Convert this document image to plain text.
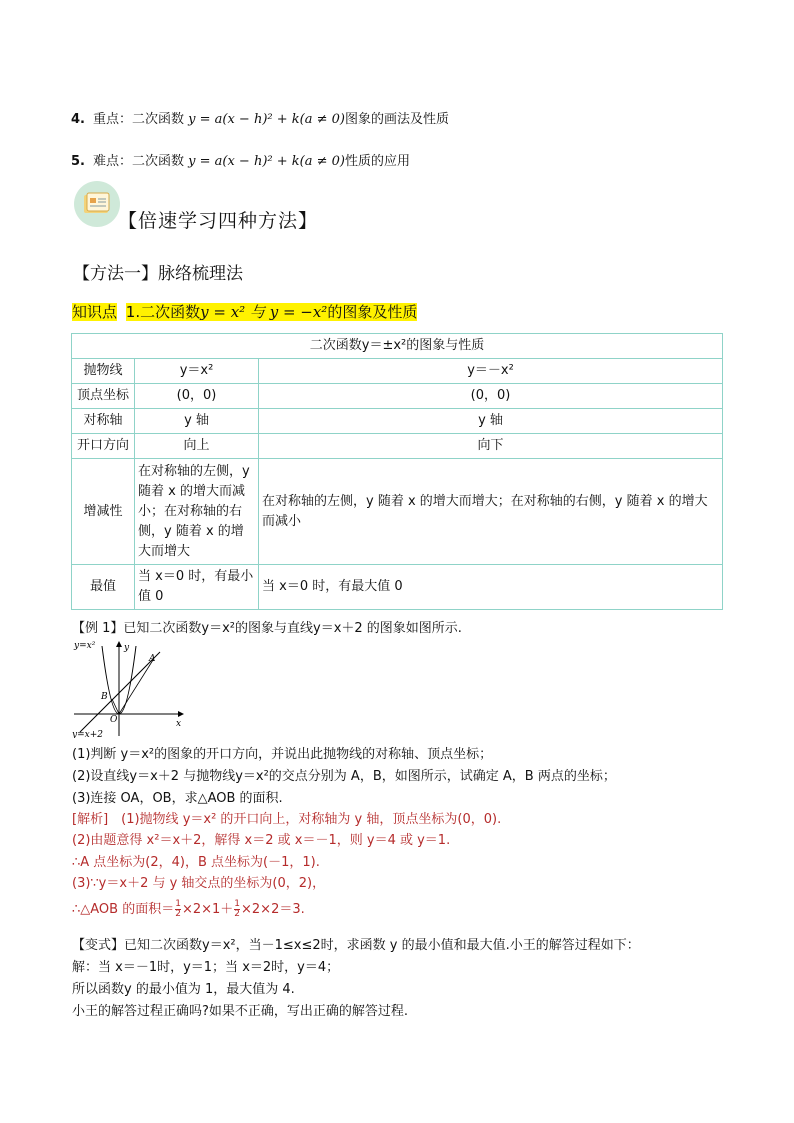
4. 重点：二次函数 y = a(x − h)² + k(a ≠ 0)图象的画法及性质
5. 难点：二次函数 y = a(x − h)² + k(a ≠ 0)性质的应用
【倍速学习四种方法】
【方法一】脉络梳理法
知识点 1.二次函数y = x² 与 y = −x²的图象及性质
二次函数y＝±x²的图象与性质		
抛物线	y＝x²	y＝－x²
顶点坐标	(0，0)	(0，0)
对称轴	y 轴	y 轴
开口方向	向上	向下
增减性	在对称轴的左侧，y随着 x 的增大而减小；在对称轴的右侧，y 随着 x 的增大而增大	在对称轴的左侧，y 随着 x 的增大而增大；在对称轴的右侧，y 随着 x 的增大而减小
最值	当 x＝0 时，有最小值 0	当 x＝0 时，有最大值 0
【例 1】已知二次函数y＝x²的图象与直线y＝x＋2 的图象如图所示.
y=x²	y
A
B
O	x
y=x+2
(1)判断 y＝x²的图象的开口方向，并说出此抛物线的对称轴、顶点坐标；
(2)设直线y＝x＋2 与抛物线y＝x²的交点分别为 A，B，如图所示，试确定 A，B 两点的坐标；
(3)连接 OA，OB，求△AOB 的面积.
[解析]　(1)抛物线 y＝x² 的开口向上，对称轴为 y 轴，顶点坐标为(0，0).
(2)由题意得 x²＝x＋2，解得 x＝2 或 x＝－1，则 y＝4 或 y＝1.
∴A 点坐标为(2，4)，B 点坐标为(－1，1).
(3)∵y＝x＋2 与 y 轴交点的坐标为(0，2)，
∴△AOB 的面积＝ $\frac{1}{2} \times 2\times 1+ \frac{1}{2} \times 2\times 2=3$.
【变式】已知二次函数y＝x²，当－1≤x≤2时，求函数 y 的最小值和最大值.小王的解答过程如下：
解：当 x＝－1时，y＝1；当 x＝2时，y＝4；
所以函数y 的最小值为 1，最大值为 4.
小王的解答过程正确吗?如果不正确，写出正确的解答过程.
